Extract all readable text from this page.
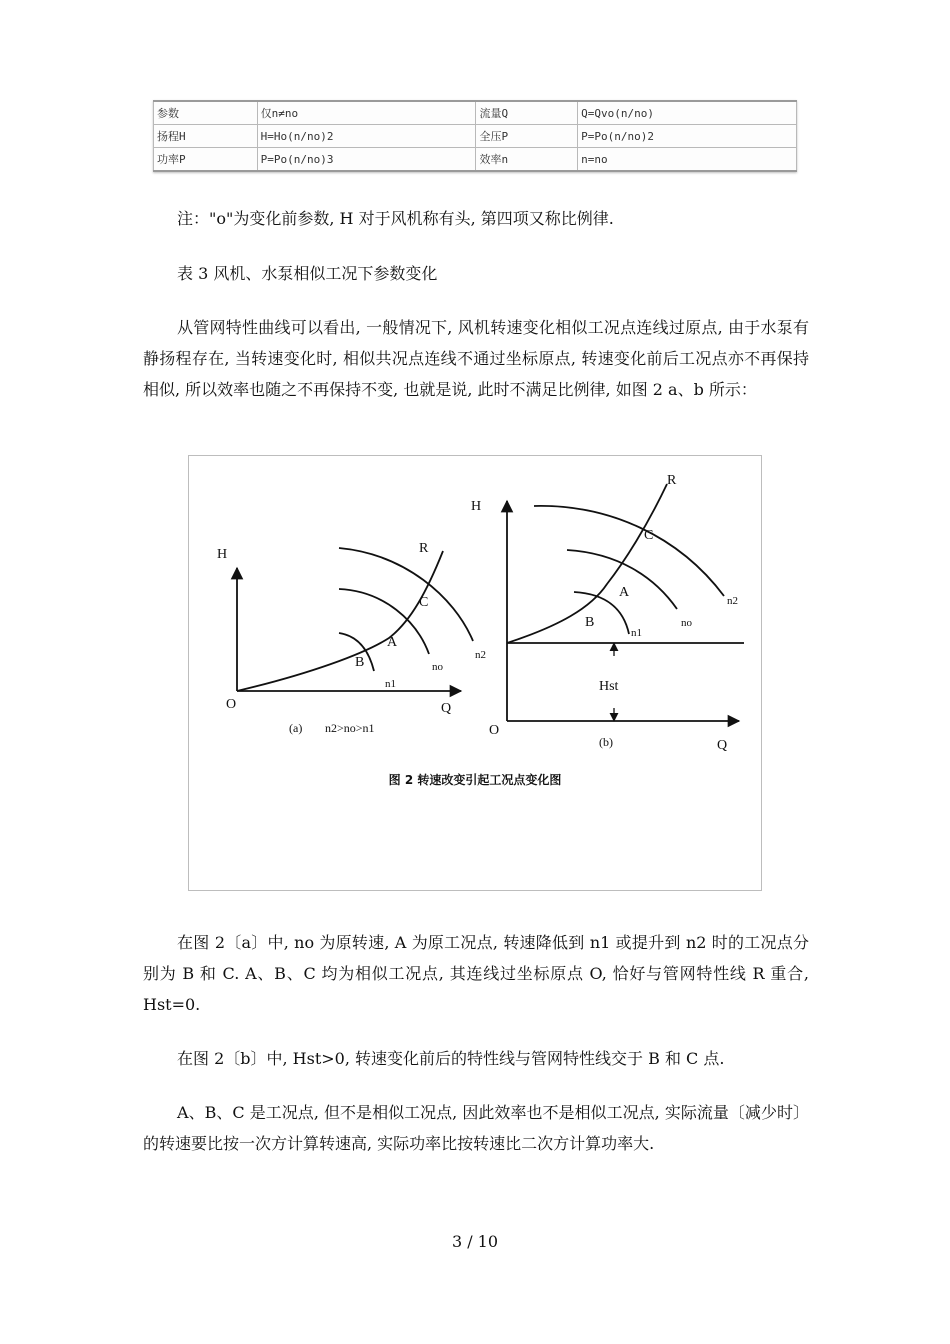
参数	仅n≠no	流量Q	Q=Qvo(n/no)
扬程H	H=Ho(n/no)2	全压P	P=Po(n/no)2
功率P	P=Po(n/no)3	效率n	n=no

注："o"为变化前参数, H 对于风机称有头, 第四项又称比例律.

表 3 风机、水泵相似工况下参数变化

从管网特性曲线可以看出, 一般情况下, 风机转速变化相似工况点连线过原点, 由于水泵有静扬程存在, 当转速变化时, 相似共况点连线不通过坐标原点, 转速变化前后工况点亦不再保持相似, 所以效率也随之不再保持不变, 也就是说, 此时不满足比例律, 如图 2 a、b 所示：

H
Q
O
R
C
A
B
n1
no
n2
(a) n2>no>n1
H
Q
O
R
C
A
B
n1
no
n2
Hst
(b)
图 2 转速改变引起工况点变化图

在图 2〔a〕中, no 为原转速, A 为原工况点, 转速降低到 n1 或提升到 n2 时的工况点分别为 B 和 C. A、B、C 均为相似工况点, 其连线过坐标原点 O, 恰好与管网特性线 R 重合, Hst=0.

在图 2〔b〕中, Hst>0, 转速变化前后的特性线与管网特性线交于 B 和 C 点.

A、B、C 是工况点, 但不是相似工况点, 因此效率也不是相似工况点, 实际流量〔减少时〕的转速要比按一次方计算转速高, 实际功率比按转速比二次方计算功率大.

3 / 10
